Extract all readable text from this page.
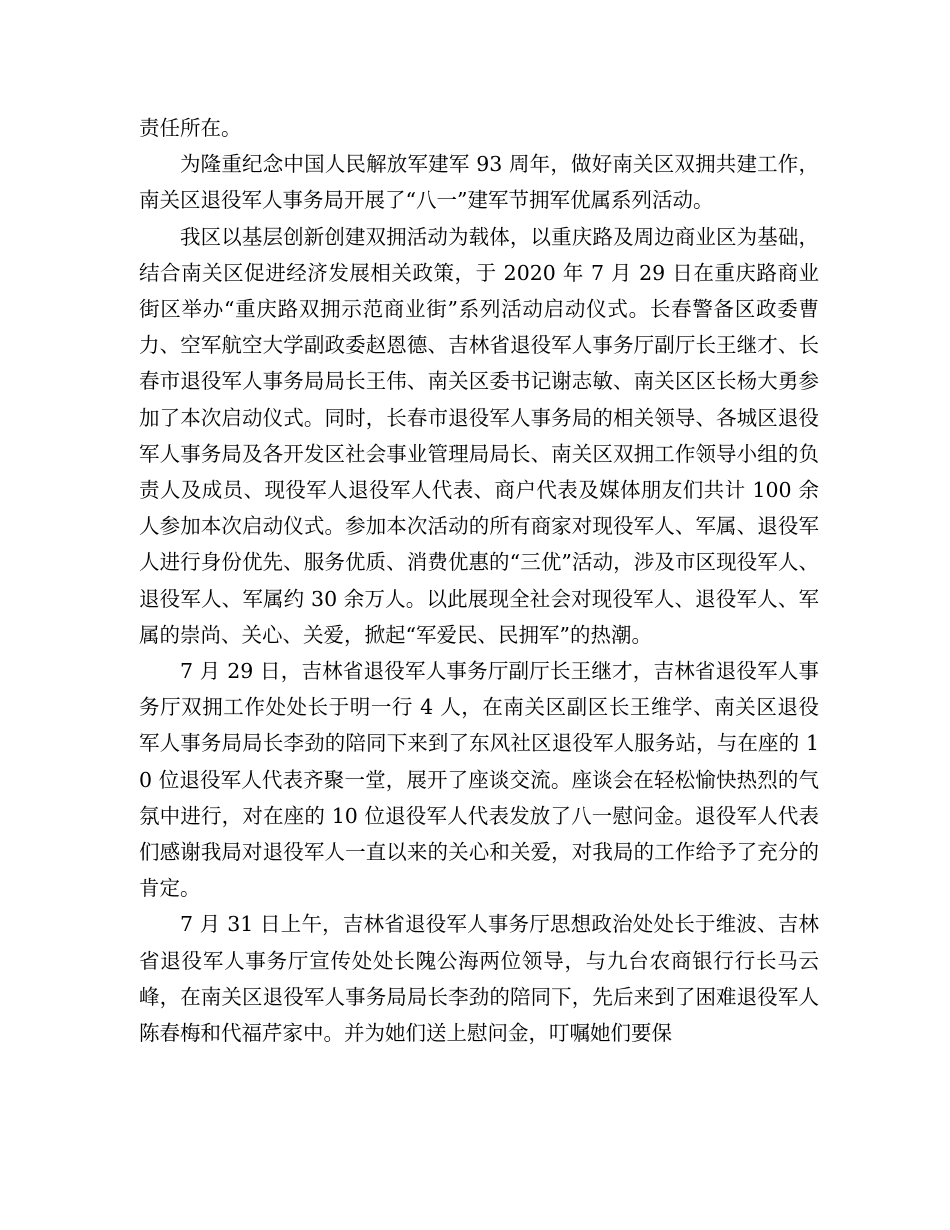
责任所在。

为隆重纪念中国人民解放军建军 93 周年，做好南关区双拥共建工作，南关区退役军人事务局开展了“八一”建军节拥军优属系列活动。

我区以基层创新创建双拥活动为载体，以重庆路及周边商业区为基础，结合南关区促进经济发展相关政策，于 2020 年 7 月 29 日在重庆路商业街区举办“重庆路双拥示范商业街”系列活动启动仪式。长春警备区政委曹力、空军航空大学副政委赵恩德、吉林省退役军人事务厅副厅长王继才、长春市退役军人事务局局长王伟、南关区委书记谢志敏、南关区区长杨大勇参加了本次启动仪式。同时，长春市退役军人事务局的相关领导、各城区退役军人事务局及各开发区社会事业管理局局长、南关区双拥工作领导小组的负责人及成员、现役军人退役军人代表、商户代表及媒体朋友们共计 100 余人参加本次启动仪式。参加本次活动的所有商家对现役军人、军属、退役军人进行身份优先、服务优质、消费优惠的“三优”活动，涉及市区现役军人、退役军人、军属约 30 余万人。以此展现全社会对现役军人、退役军人、军属的崇尚、关心、关爱，掀起“军爱民、民拥军”的热潮。

7 月 29 日，吉林省退役军人事务厅副厅长王继才，吉林省退役军人事务厅双拥工作处处长于明一行 4 人，在南关区副区长王维学、南关区退役军人事务局局长李劲的陪同下来到了东风社区退役军人服务站，与在座的 10 位退役军人代表齐聚一堂，展开了座谈交流。座谈会在轻松愉快热烈的气氛中进行，对在座的 10 位退役军人代表发放了八一慰问金。退役军人代表们感谢我局对退役军人一直以来的关心和关爱，对我局的工作给予了充分的肯定。

7 月 31 日上午，吉林省退役军人事务厅思想政治处处长于维波、吉林省退役军人事务厅宣传处处长隗公海两位领导，与九台农商银行行长马云峰，在南关区退役军人事务局局长李劲的陪同下，先后来到了困难退役军人陈春梅和代福芹家中。并为她们送上慰问金，叮嘱她们要保
